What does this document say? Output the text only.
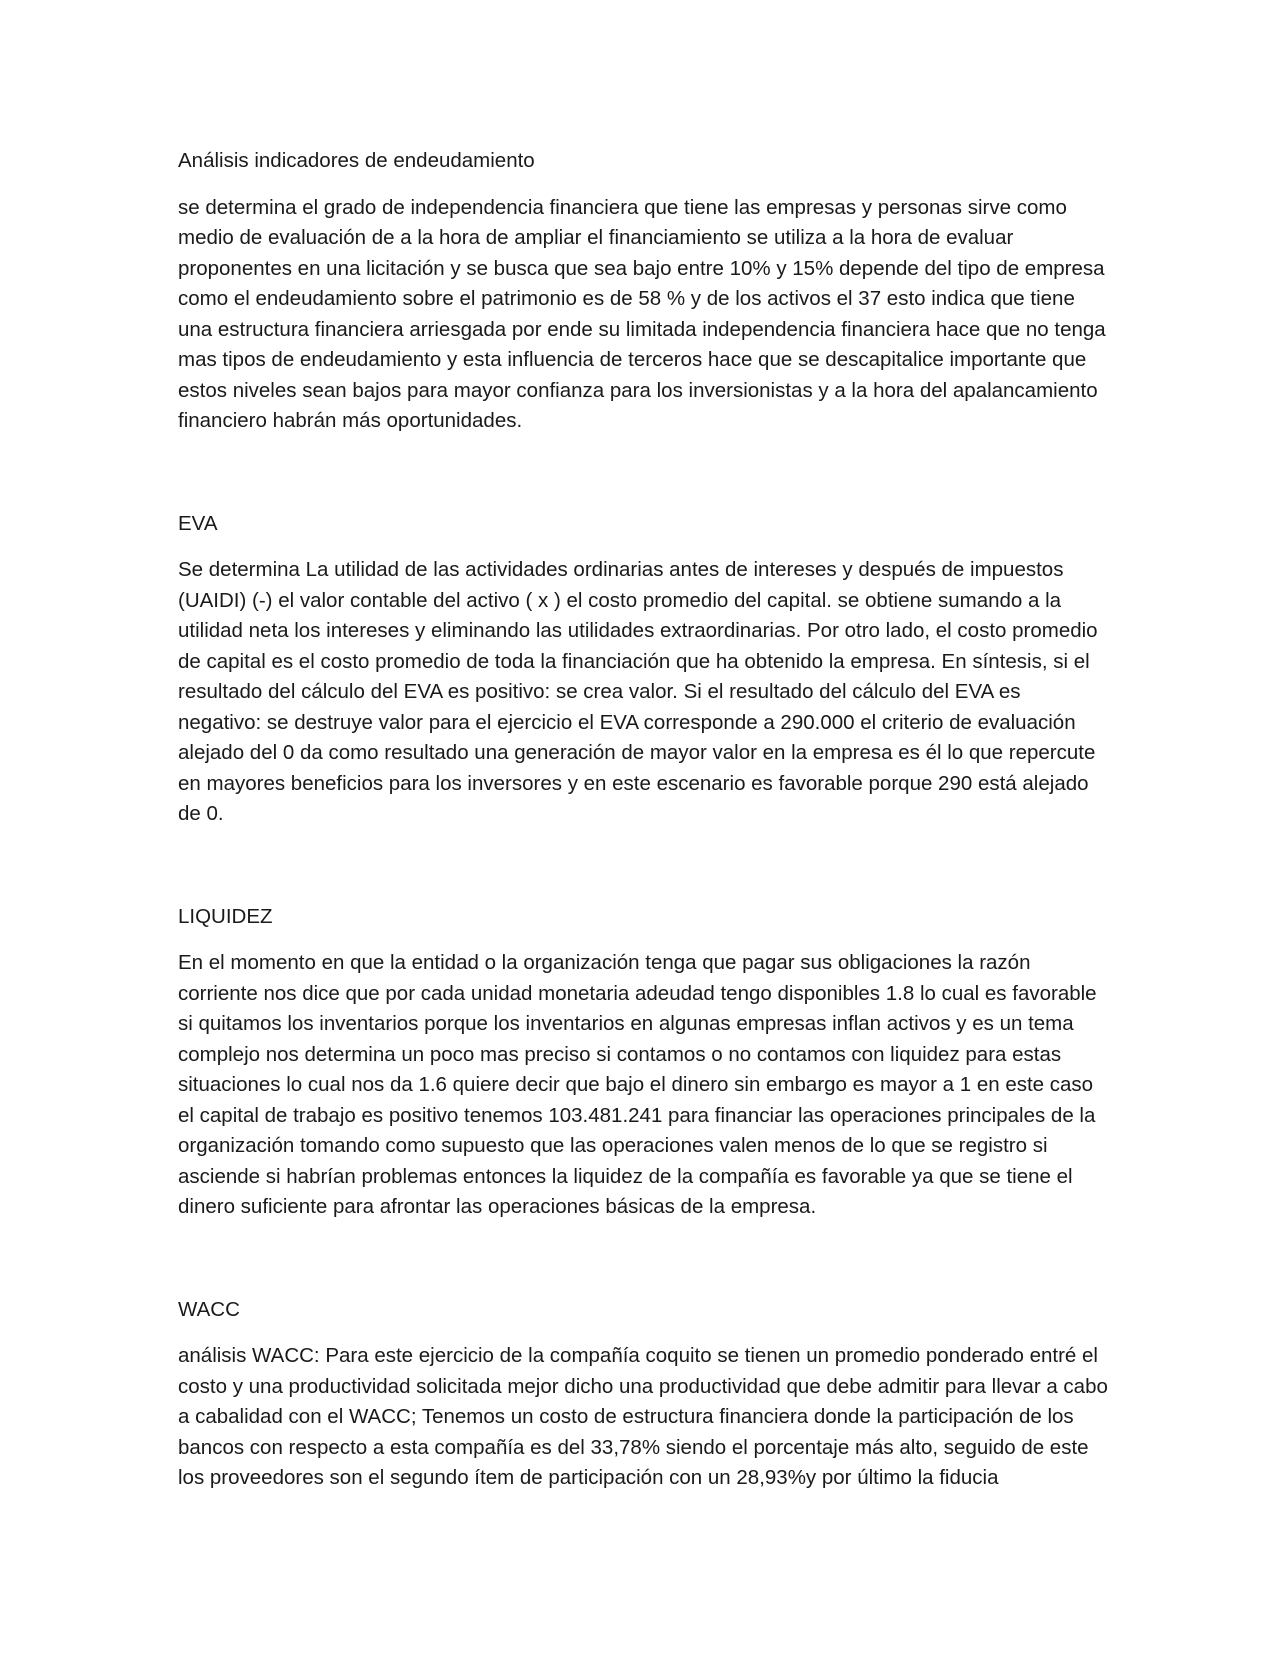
Análisis indicadores de endeudamiento

se determina el grado de independencia financiera que tiene las empresas y personas sirve como medio de evaluación de a la hora de ampliar el financiamiento se utiliza a la hora de evaluar proponentes en una licitación y se busca que sea bajo entre 10% y 15% depende del tipo de empresa como el endeudamiento sobre el patrimonio es de 58 % y de los activos el 37 esto indica que tiene una estructura financiera arriesgada por ende su limitada independencia financiera hace que no tenga mas tipos de endeudamiento y esta influencia de terceros hace que se descapitalice importante que estos niveles sean bajos para mayor confianza para los inversionistas y a la hora del apalancamiento financiero habrán más oportunidades.

EVA

Se determina La utilidad de las actividades ordinarias antes de intereses y después de impuestos (UAIDI) (-) el valor contable del activo ( x ) el costo promedio del capital. se obtiene sumando a la utilidad neta los intereses y eliminando las utilidades extraordinarias. Por otro lado, el costo promedio de capital es el costo promedio de toda la financiación que ha obtenido la empresa. En síntesis, si el resultado del cálculo del EVA es positivo: se crea valor. Si el resultado del cálculo del EVA es negativo: se destruye valor para el ejercicio el EVA corresponde a 290.000 el criterio de evaluación alejado del 0 da como resultado una generación de mayor valor en la empresa es él lo que repercute en mayores beneficios para los inversores y en este escenario es favorable porque 290 está alejado de 0.

LIQUIDEZ

En el momento en que la entidad o la organización tenga que pagar sus obligaciones la razón corriente nos dice que por cada unidad monetaria adeudad tengo disponibles 1.8 lo cual es favorable si quitamos los inventarios porque los inventarios en algunas empresas inflan activos y es un tema complejo nos determina un poco mas preciso si contamos o no contamos con liquidez para estas situaciones lo cual nos da 1.6 quiere decir que bajo el dinero sin embargo es mayor a 1 en este caso el capital de trabajo es positivo tenemos 103.481.241 para financiar las operaciones principales de la organización tomando como supuesto que las operaciones valen menos de lo que se registro si asciende si habrían problemas entonces la liquidez de la compañía es favorable ya que se tiene el dinero suficiente para afrontar las operaciones básicas de la empresa.

WACC

análisis WACC: Para este ejercicio de la compañía coquito se tienen un promedio ponderado entré el costo y una productividad solicitada mejor dicho una productividad que debe admitir para llevar a cabo a cabalidad con el WACC; Tenemos un costo de estructura financiera donde la participación de los bancos con respecto a esta compañía es del 33,78% siendo el porcentaje más alto, seguido de este los proveedores son el segundo ítem de participación con un 28,93%y por último la fiducia
